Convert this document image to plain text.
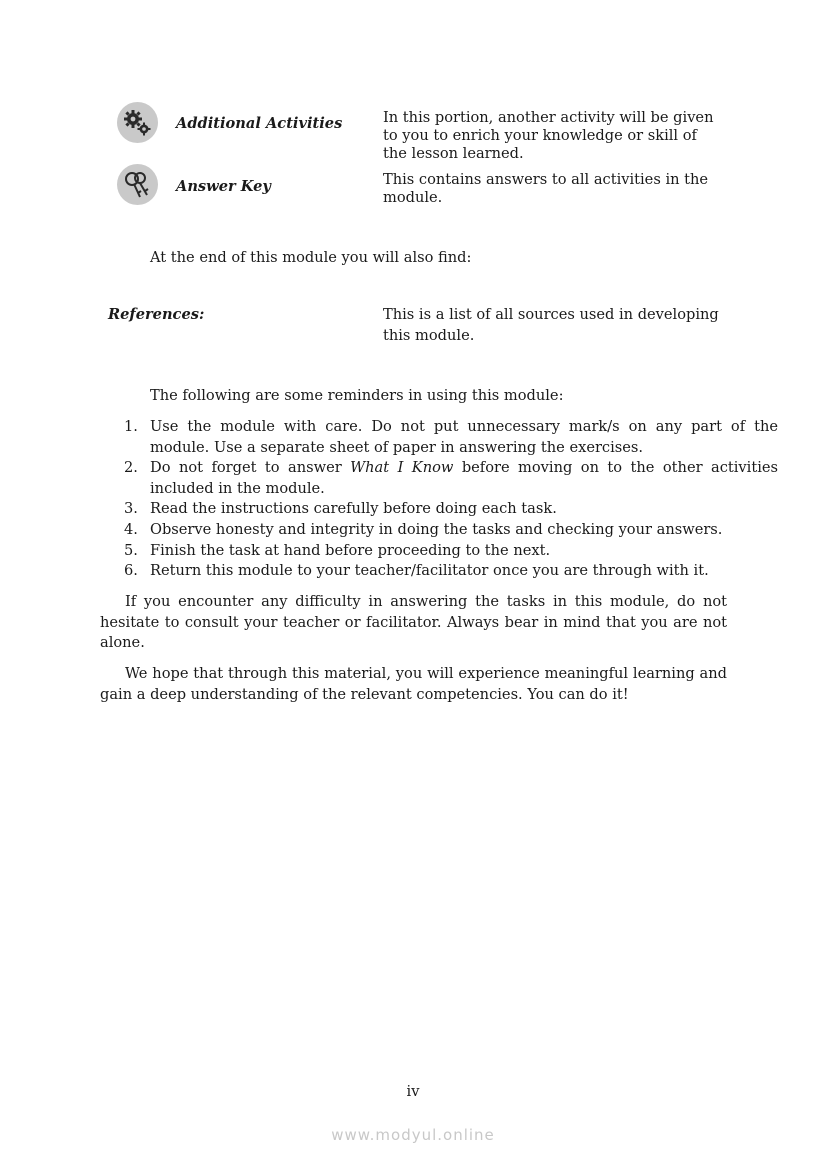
Additional Activities	In this portion, another activity will be given to you to enrich your knowledge or skill of the lesson learned.
Answer Key	This contains answers to all activities in the module.
At the end of this module you will also find:
References:	This is a list of all sources used in developing this module.
The following are some reminders in using this module:
Use the module with care. Do not put unnecessary mark/s on any part of the module. Use a separate sheet of paper in answering the exercises.
Do not forget to answer What I Know before moving on to the other activities included in the module.
Read the instructions carefully before doing each task.
Observe honesty and integrity in doing the tasks and checking your answers.
Finish the task at hand before proceeding to the next.
Return this module to your teacher/facilitator once you are through with it.
If you encounter any difficulty in answering the tasks in this module, do not hesitate to consult your teacher or facilitator. Always bear in mind that you are not alone.
We hope that through this material, you will experience meaningful learning and gain a deep understanding of the relevant competencies. You can do it!
iv
www.modyul.online
